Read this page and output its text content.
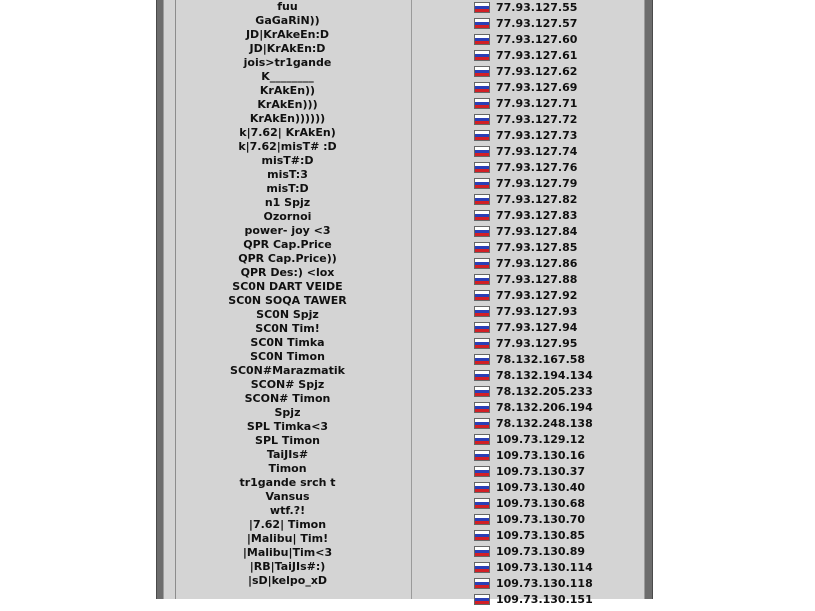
fuu
GaGaRiN))
JD|KrAkeEn:D
JD|KrAkEn:D
jois>tr1gande
K________
KrAkEn))
KrAkEn)))
KrAkEn))))))
k|7.62| KrAkEn)
k|7.62|misT# :D
misT#:D
misT:3
misT:D
n1 Spjz
Ozornoi
power- joy <3
QPR Cap.Price
QPR Cap.Price))
QPR Des:) <lox
SC0N DART VEIDE
SC0N SOQA TAWER
SC0N Spjz
SC0N Tim!
SC0N Timka
SC0N Timon
SC0N#Marazmatik
SCON# Spjz
SCON# Timon
Spjz
SPL Timka<3
SPL Timon
TaiJIs#
Timon
tr1gande srch t
Vansus
wtf.?!
|7.62| Timon
|Malibu| Tim!
|Malibu|Tim<3
|RB|TaiJIs#:)
|sD|kelpo_xD
77.93.127.55
77.93.127.57
77.93.127.60
77.93.127.61
77.93.127.62
77.93.127.69
77.93.127.71
77.93.127.72
77.93.127.73
77.93.127.74
77.93.127.76
77.93.127.79
77.93.127.82
77.93.127.83
77.93.127.84
77.93.127.85
77.93.127.86
77.93.127.88
77.93.127.92
77.93.127.93
77.93.127.94
77.93.127.95
78.132.167.58
78.132.194.134
78.132.205.233
78.132.206.194
78.132.248.138
109.73.129.12
109.73.130.16
109.73.130.37
109.73.130.40
109.73.130.68
109.73.130.70
109.73.130.85
109.73.130.89
109.73.130.114
109.73.130.118
109.73.130.151
